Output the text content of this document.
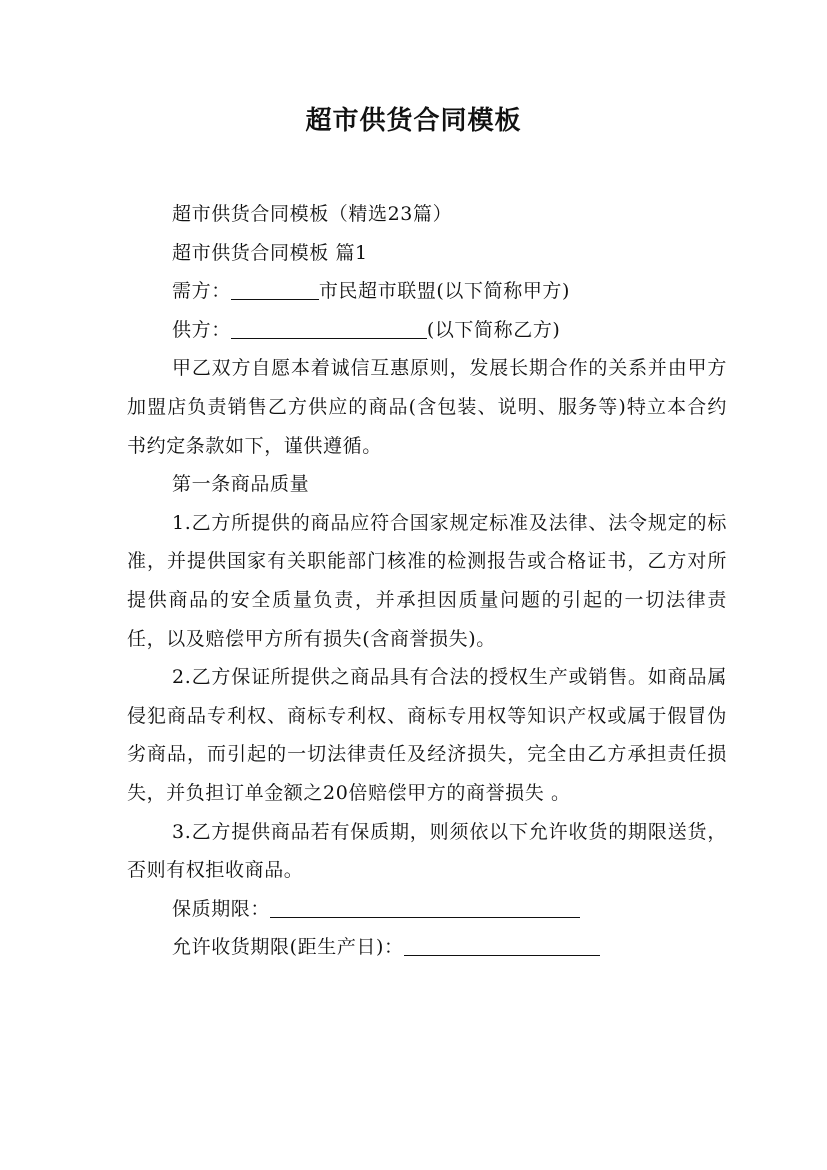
超市供货合同模板

超市供货合同模板（精选23篇）

超市供货合同模板 篇1

需方：	市民超市联盟(以下简称甲方)

供方：	(以下简称乙方)

甲乙双方自愿本着诚信互惠原则，发展长期合作的关系并由甲方加盟店负责销售乙方供应的商品(含包装、说明、服务等)特立本合约书约定条款如下，谨供遵循。

第一条商品质量

1.乙方所提供的商品应符合国家规定标准及法律、法令规定的标准，并提供国家有关职能部门核准的检测报告或合格证书，乙方对所提供商品的安全质量负责，并承担因质量问题的引起的一切法律责任，以及赔偿甲方所有损失(含商誉损失)。

2.乙方保证所提供之商品具有合法的授权生产或销售。如商品属侵犯商品专利权、商标专利权、商标专用权等知识产权或属于假冒伪劣商品，而引起的一切法律责任及经济损失，完全由乙方承担责任损失，并负担订单金额之20倍赔偿甲方的商誉损失 。

3.乙方提供商品若有保质期，则须依以下允许收货的期限送货，否则有权拒收商品。

保质期限：

允许收货期限(距生产日)：
